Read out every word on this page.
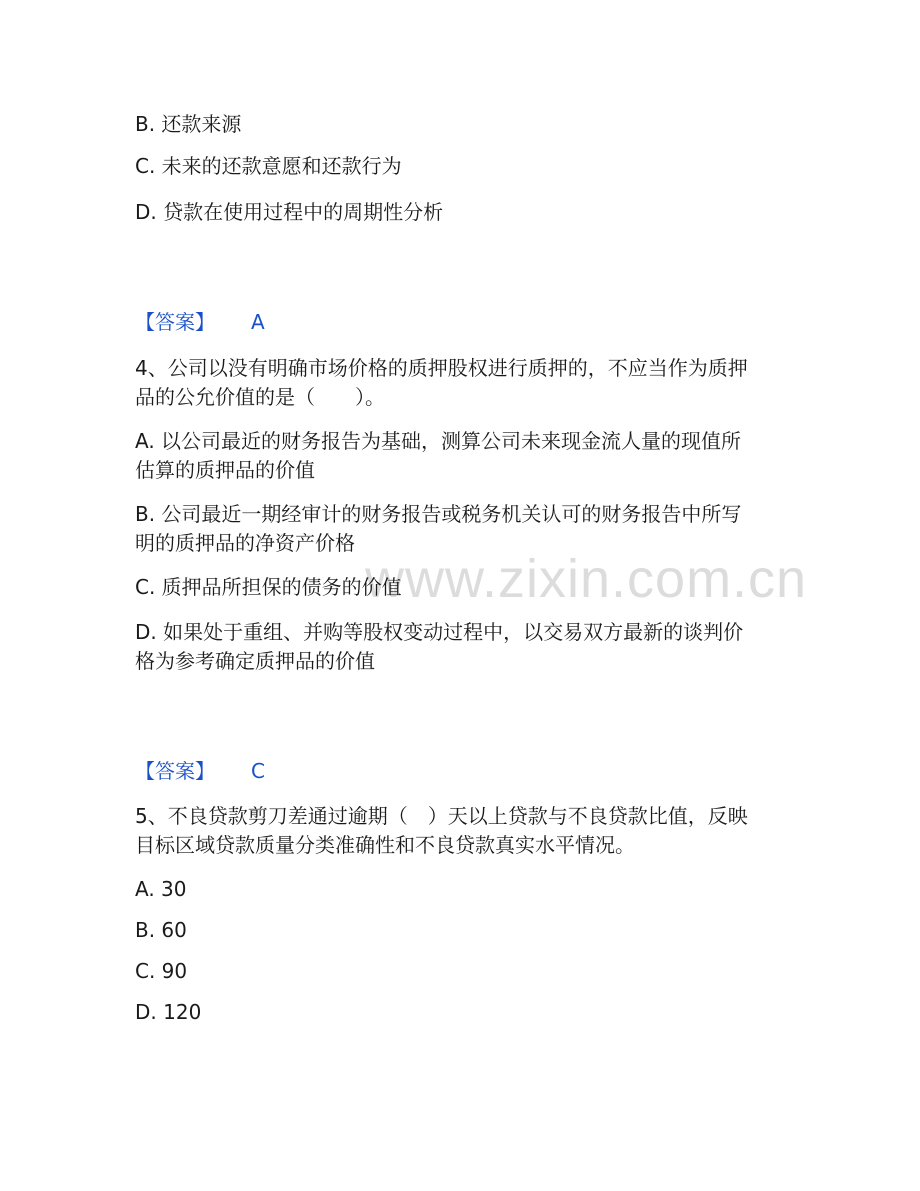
www.zixin.com.cn

B. 还款来源

C. 未来的还款意愿和还款行为

D. 贷款在使用过程中的周期性分析

【答案】 A

4、公司以没有明确市场价格的质押股权进行质押的，不应当作为质押

品的公允价值的是（　　）。

A. 以公司最近的财务报告为基础，测算公司未来现金流人量的现值所

估算的质押品的价值

B. 公司最近一期经审计的财务报告或税务机关认可的财务报告中所写

明的质押品的净资产价格

C. 质押品所担保的债务的价值

D. 如果处于重组、并购等股权变动过程中，以交易双方最新的谈判价

格为参考确定质押品的价值

【答案】 C

5、不良贷款剪刀差通过逾期（　）天以上贷款与不良贷款比值，反映

目标区域贷款质量分类准确性和不良贷款真实水平情况。

A. 30

B. 60

C. 90

D. 120
